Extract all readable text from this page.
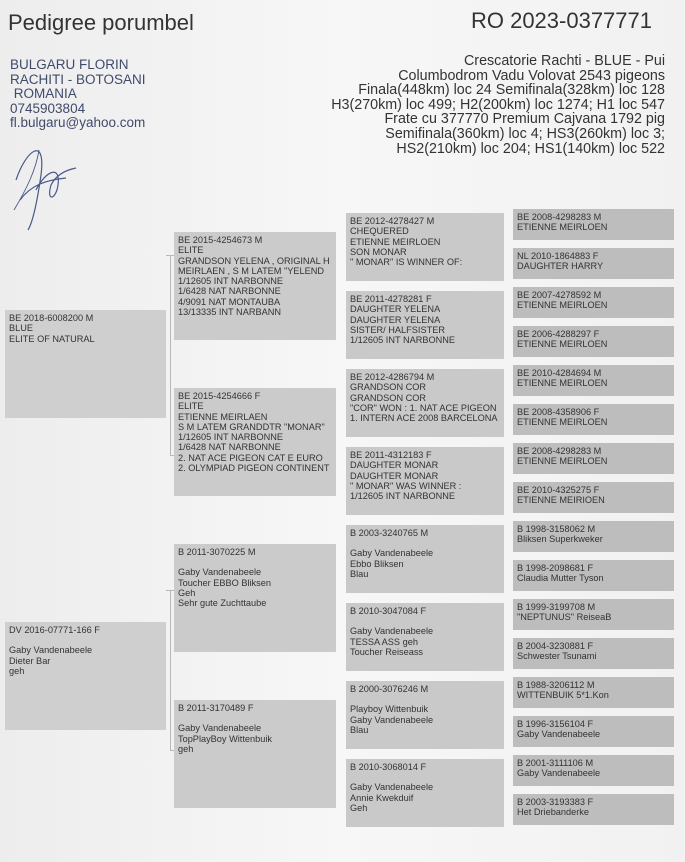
Pedigree porumbel	RO 2023-0377771
BULGARU FLORIN
RACHITI - BOTOSANI
ROMANIA
0745903804
fl.bulgaru@yahoo.com
Crescatorie Rachti - BLUE - Pui
Columbodrom Vadu Volovat 2543 pigeons
Finala(448km) loc 24 Semifinala(328km) loc 128
H3(270km) loc 499; H2(200km) loc 1274; H1 loc 547
Frate cu 377770 Premium Cajvana 1792 pig
Semifinala(360km) loc 4; HS3(260km) loc 3;
HS2(210km) loc 204; HS1(140km) loc 522
BE 2018-6008200 M
BLUE
ELITE OF NATURAL
DV 2016-07771-166 F
Gaby Vandenabeele
Dieter Bar
geh
BE 2015-4254673 M
ELITE
GRANDSON YELENA , ORIGINAL H
MEIRLAEN , S M LATEM "YELEND
1/12605 INT NARBONNE
1/6428 NAT NARBONNE
4/9091 NAT MONTAUBA
13/13335 INT NARBANN
BE 2015-4254666 F
ELITE
ETIENNE MEIRLAEN
S M LATEM GRANDDTR "MONAR"
1/12605 INT NARBONNE
1/6428 NAT NARBONNE
2. NAT ACE PIGEON CAT E EURO
2. OLYMPIAD PIGEON CONTINENT
B 2011-3070225 M
Gaby Vandenabeele
Toucher EBBO Bliksen
Geh
Sehr gute Zuchttaube
B 2011-3170489 F
Gaby Vandenabeele
TopPlayBoy Wittenbuik
geh
BE 2012-4278427 M
CHEQUERED
ETIENNE MEIRLOEN
SON MONAR
" MONAR" IS WINNER OF:
BE 2011-4278281 F
DAUGHTER YELENA
DAUGHTER YELENA
SISTER/ HALFSISTER
1/12605 INT NARBONNE
BE 2012-4286794 M
GRANDSON COR
GRANDSON COR
"COR" WON : 1. NAT ACE PIGEON
1. INTERN ACE 2008 BARCELONA
BE 2011-4312183 F
DAUGHTER MONAR
DAUGHTER MONAR
" MONAR" WAS WINNER :
1/12605 INT NARBONNE
B 2003-3240765 M
Gaby Vandenabeele
Ebbo Bliksen
Blau
B 2010-3047084 F
Gaby Vandenabeele
TESSA ASS geh
Toucher Reiseass
B 2000-3076246 M
Playboy Wittenbuik
Gaby Vandenabeele
Blau
B 2010-3068014 F
Gaby Vandenabeele
Annie Kwekduif
Geh
BE 2008-4298283 M
ETIENNE MEIRLOEN
NL 2010-1864883 F
DAUGHTER HARRY
BE 2007-4278592 M
ETIENNE MEIRLOEN
BE 2006-4288297 F
ETIENNE MEIRLOEN
BE 2010-4284694 M
ETIENNE MEIRLOEN
BE 2008-4358906 F
ETIENNE MEIRLOEN
BE 2008-4298283 M
ETIENNE MEIRLOEN
BE 2010-4325275 F
ETIENNE MEIRIOEN
B 1998-3158062 M
Bliksen Superkweker
B 1998-2098681 F
Claudia Mutter Tyson
B 1999-3199708 M
"NEPTUNUS" ReiseaB
B 2004-3230881 F
Schwester Tsunami
B 1988-3206112 M
WITTENBUIK 5*1.Kon
B 1996-3156104 F
Gaby Vandenabeele
B 2001-3111106 M
Gaby Vandenabeele
B 2003-3193383 F
Het Driebanderke
